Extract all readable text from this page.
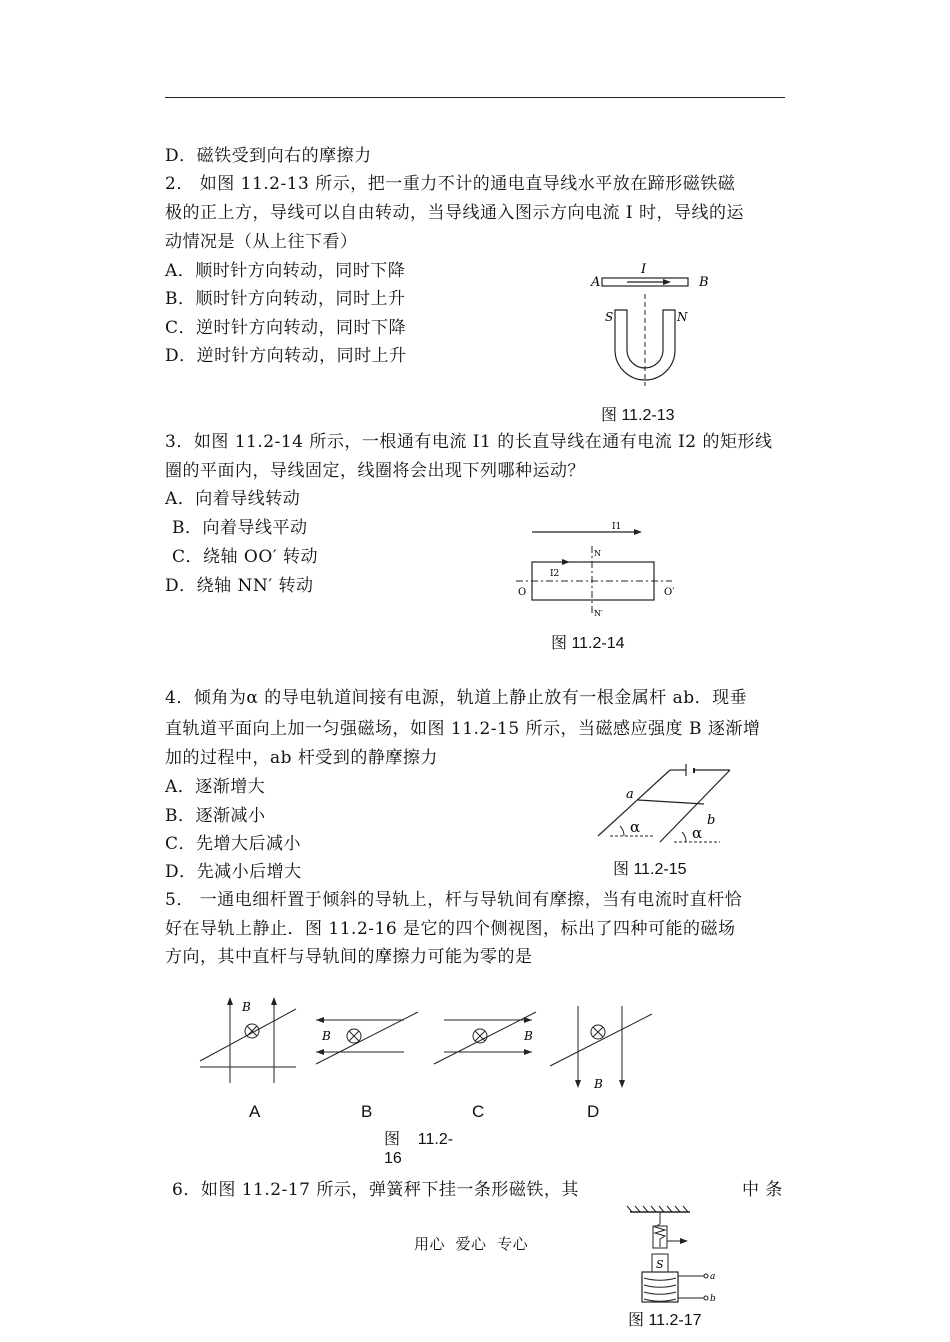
D．磁铁受到向右的摩擦力
2． 如图 11.2-13 所示，把一重力不计的通电直导线水平放在蹄形磁铁磁
极的正上方，导线可以自由转动，当导线通入图示方向电流 I 时，导线的运
动情况是（从上往下看）
A．顺时针方向转动，同时下降
B．顺时针方向转动，同时上升
C．逆时针方向转动，同时下降
D．逆时针方向转动，同时上升
A	B
I
S	N
图 11.2-13
3．如图 11.2-14 所示，一根通有电流 I1 的长直导线在通有电流 I2 的矩形线
圈的平面内，导线固定，线圈将会出现下列哪种运动？
A．向着导线转动
B．向着导线平动
C．绕轴 OO′ 转动
D．绕轴 NN′ 转动
I1
I2
N
N′
O	O′
图 11.2-14
4．倾角为α 的导电轨道间接有电源，轨道上静止放有一根金属杆 ab．现垂
直轨道平面向上加一匀强磁场，如图 11.2-15 所示，当磁感应强度 B 逐渐增
加的过程中，ab 杆受到的静摩擦力
A．逐渐增大
B．逐渐减小
C．先增大后减小
D．先减小后增大
a
b
α	α
图 11.2-15
5． 一通电细杆置于倾斜的导轨上，杆与导轨间有摩擦，当有电流时直杆恰
好在导轨上静止．图 11.2-16 是它的四个侧视图，标出了四种可能的磁场
方向，其中直杆与导轨间的摩擦力可能为零的是
B
B	B
B
A	B	C	D
图    11.2-
16
6．如图 11.2-17 所示，弹簧秤下挂一条形磁铁，其	中 条
S
a
b
图 11.2-17
用心  爱心  专心
